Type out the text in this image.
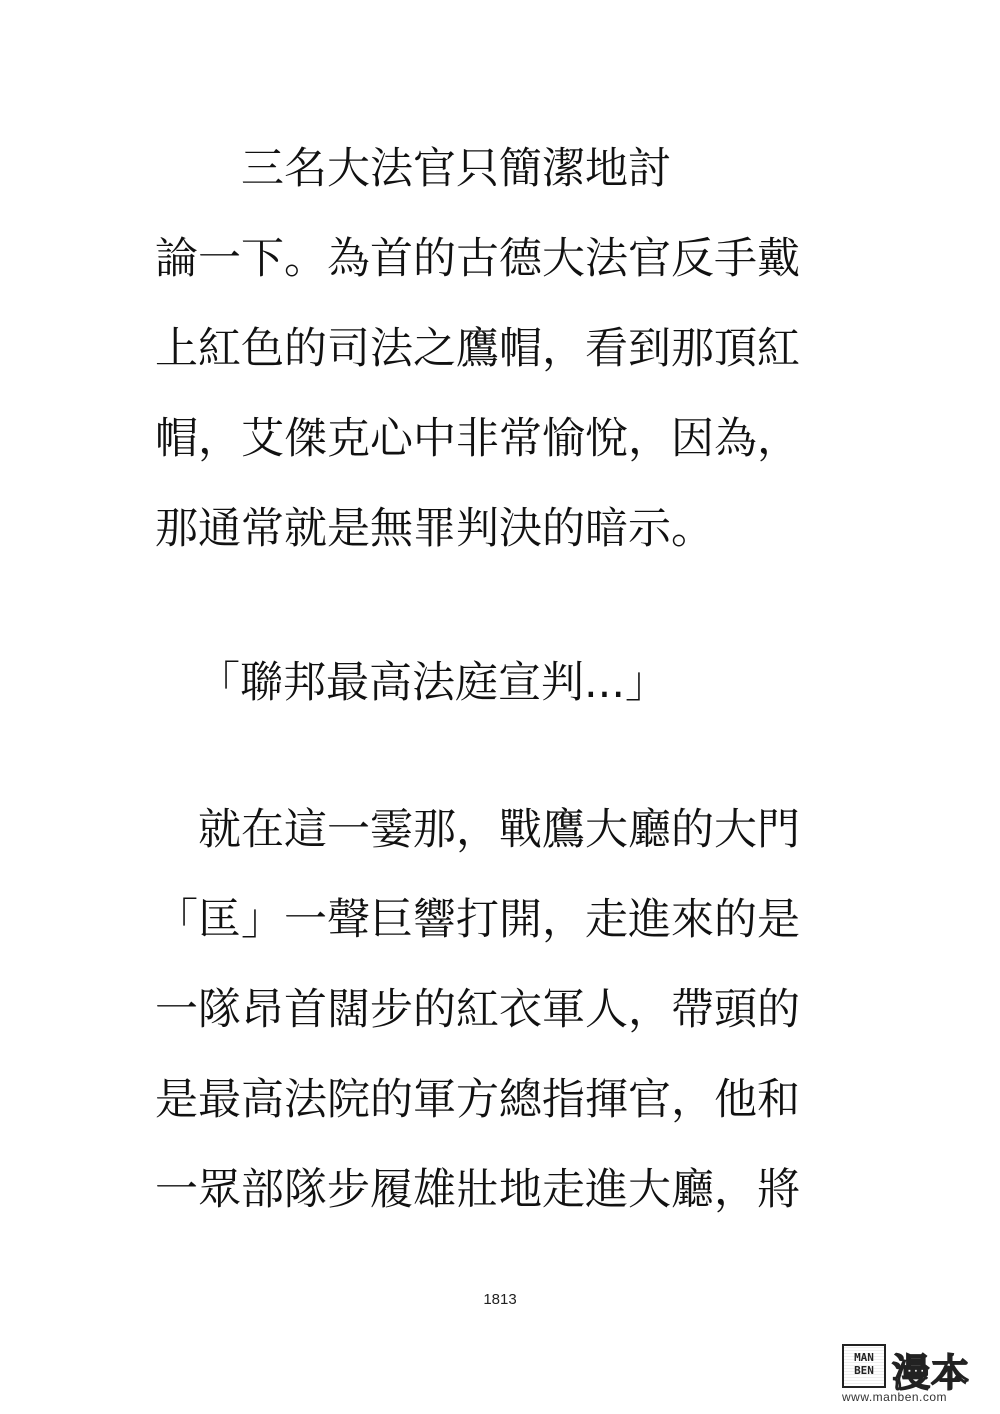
　　三名大法官只簡潔地討
論一下。為首的古德大法官反手戴
上紅色的司法之鷹帽，看到那頂紅
帽，艾傑克心中非常愉悅，因為，
那通常就是無罪判決的暗示。
「聯邦最高法庭宣判...」
　就在這一霎那，戰鷹大廳的大門
「匡」一聲巨響打開，走進來的是
一隊昂首闊步的紅衣軍人，帶頭的
是最高法院的軍方總指揮官，他和
一眾部隊步履雄壯地走進大廳，將
1813
MAN BEN 漫本
www.manben.com
